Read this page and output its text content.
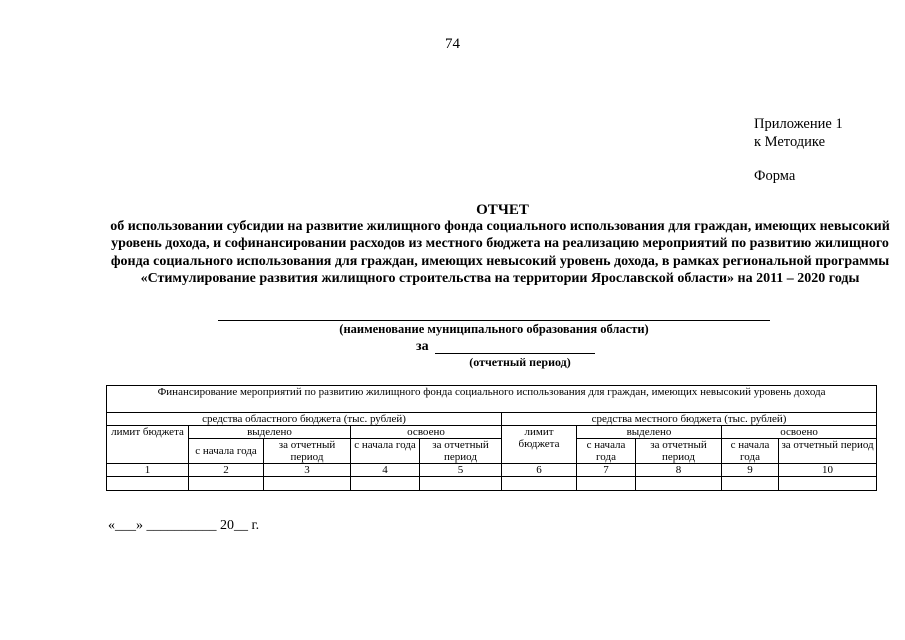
74
Приложение 1
к Методике
Форма
ОТЧЕТ
об использовании субсидии на развитие жилищного фонда социального использования для граждан, имеющих невысокий уровень дохода, и софинансировании расходов из местного бюджета на реализацию мероприятий по развитию жилищного фонда социального использования для граждан, имеющих невысокий уровень дохода, в рамках региональной программы «Стимулирование развития жилищного строительства на территории Ярославской области» на 2011 – 2020 годы
(наименование муниципального образования области)
за
(отчетный период)
Финансирование мероприятий по развитию жилищного фонда социального использования для граждан, имеющих невысокий уровень дохода									
средства областного бюджета (тыс. рублей)					средства местного бюджета (тыс. рублей)				
лимит бюджета	выделено		освоено		лимит бюджета	выделено		освоено	
	с начала года	за отчетный период	с начала года	за отчетный период		с начала года	за отчетный период	с начала года	за отчетный период
1	2	3	4	5	6	7	8	9	10

«___» __________ 20__ г.
